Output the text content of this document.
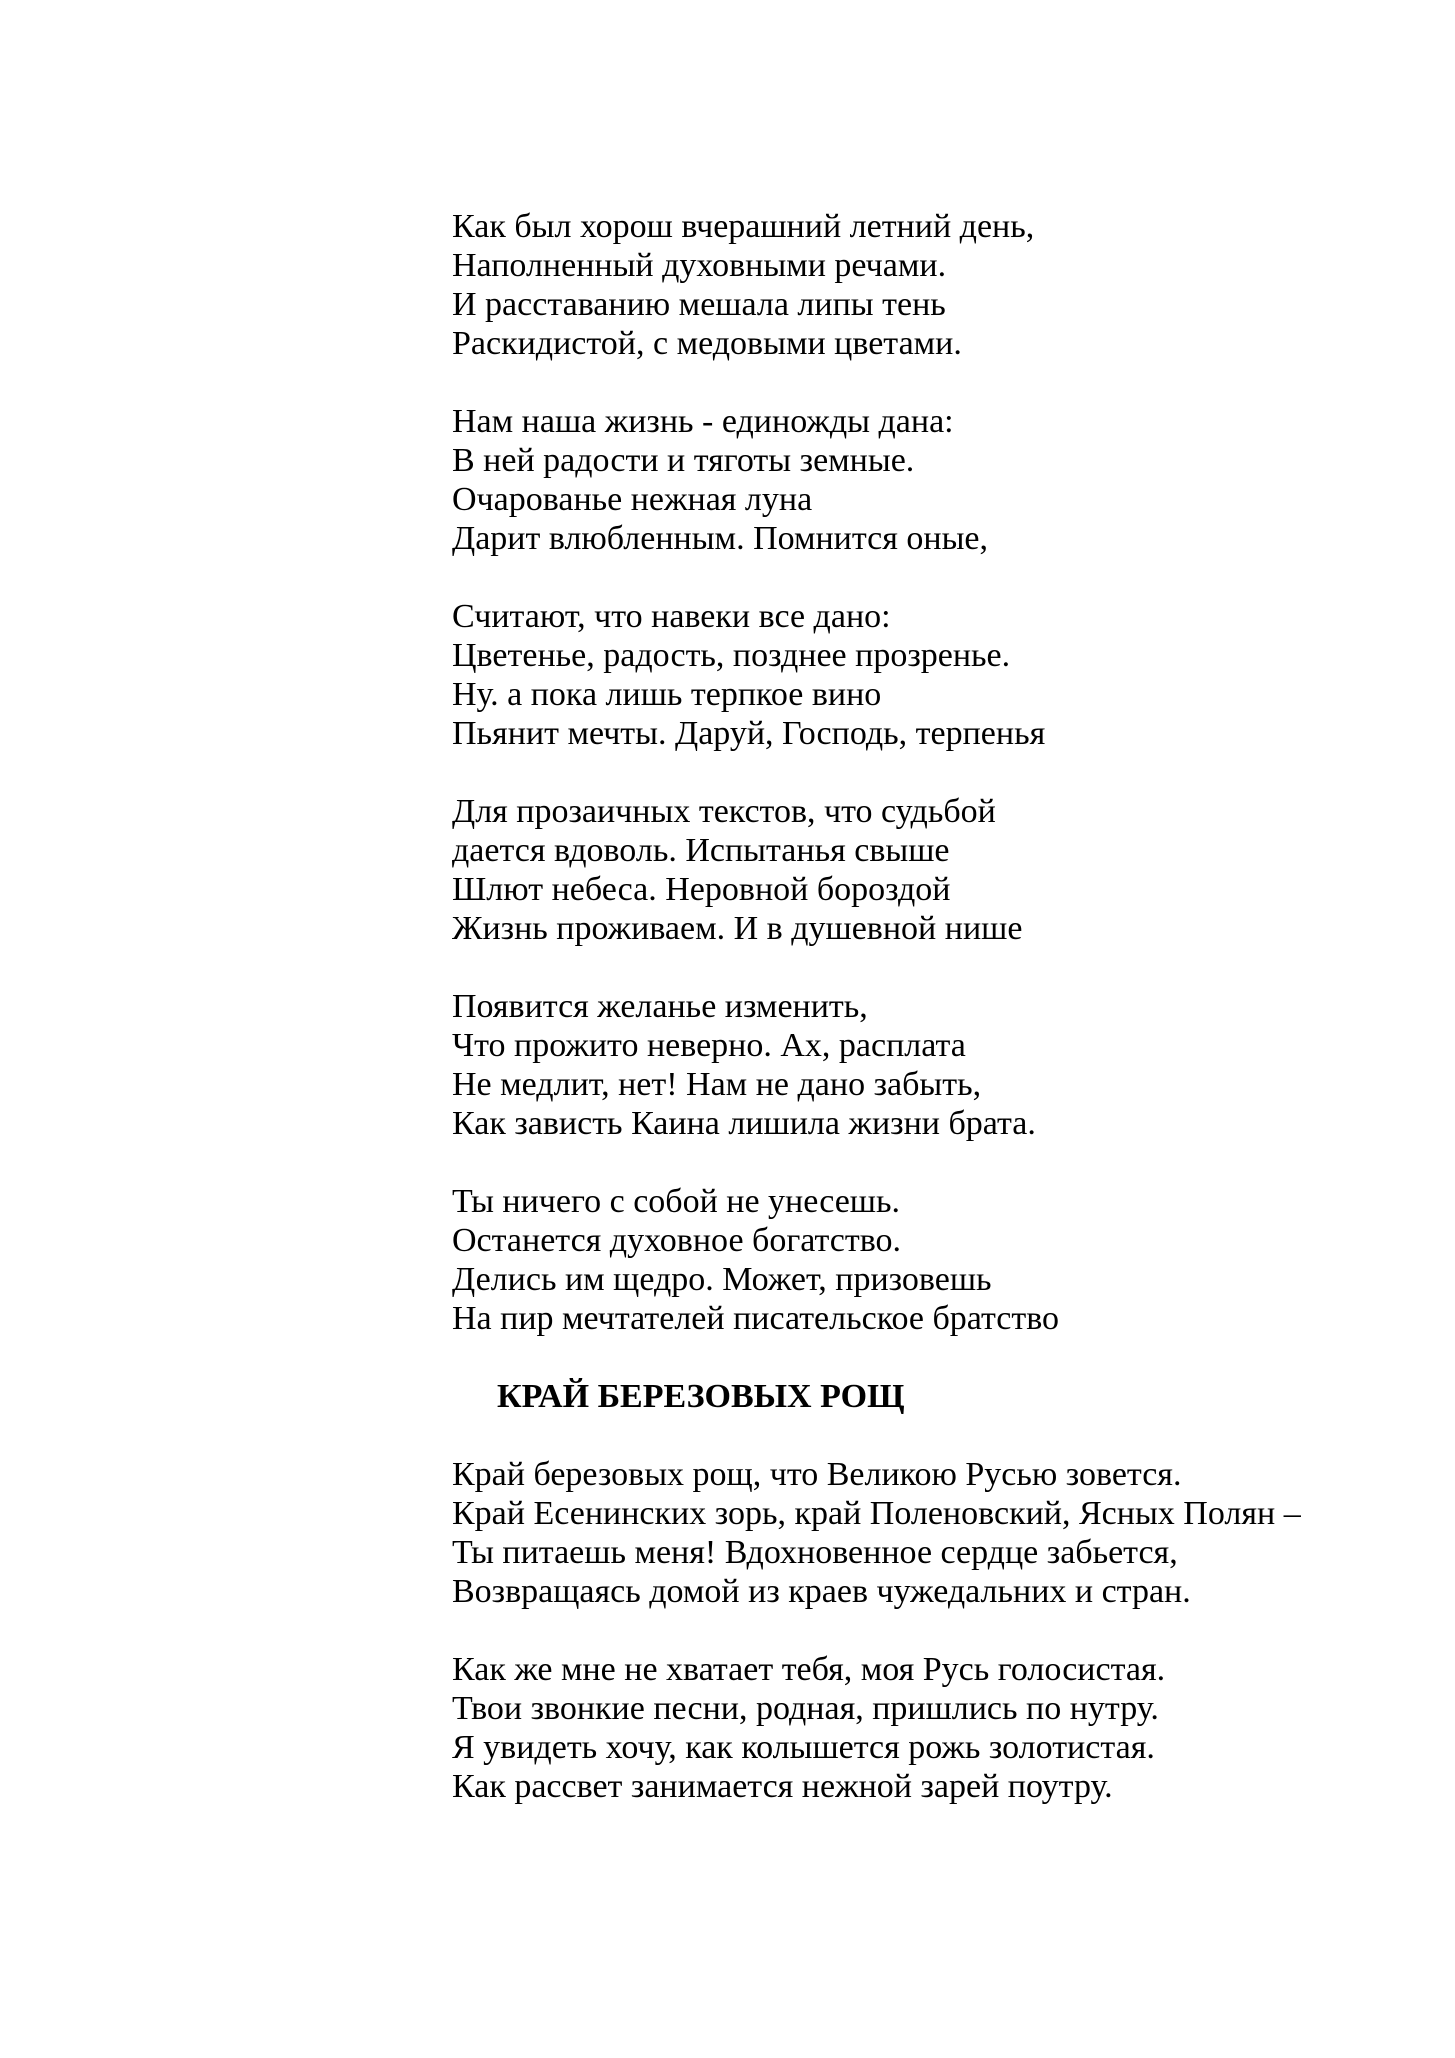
Как был хорош вчерашний летний день,
Наполненный духовными речами.
И расставанию мешала липы тень
Раскидистой, с медовыми цветами.
Нам наша жизнь - единожды дана:
В ней радости и тяготы земные.
Очарованье нежная луна
Дарит влюбленным. Помнится оные,
Считают, что навеки все дано:
Цветенье, радость, позднее прозренье.
Ну. а пока лишь терпкое вино
Пьянит мечты. Даруй, Господь, терпенья
Для прозаичных текстов, что судьбой
дается вдоволь. Испытанья свыше
Шлют небеса. Неровной бороздой
Жизнь проживаем. И в душевной нише
Появится желанье изменить,
Что прожито неверно. Ах, расплата
Не медлит, нет! Нам не дано забыть,
Как зависть Каина лишила жизни брата.
Ты ничего с собой не унесешь.
Останется духовное богатство.
Делись им щедро. Может, призовешь
На пир мечтателей писательское братство
КРАЙ БЕРЕЗОВЫХ РОЩ
Край березовых рощ, что Великою Русью зовется.
Край Есенинских зорь, край Поленовский, Ясных Полян –
Ты питаешь меня! Вдохновенное сердце забьется,
Возвращаясь домой из краев чужедальних и стран.
Как же мне не хватает тебя, моя Русь голосистая.
Твои звонкие песни, родная, пришлись по нутру.
Я увидеть хочу, как колышется рожь золотистая.
Как рассвет занимается нежной зарей поутру.
